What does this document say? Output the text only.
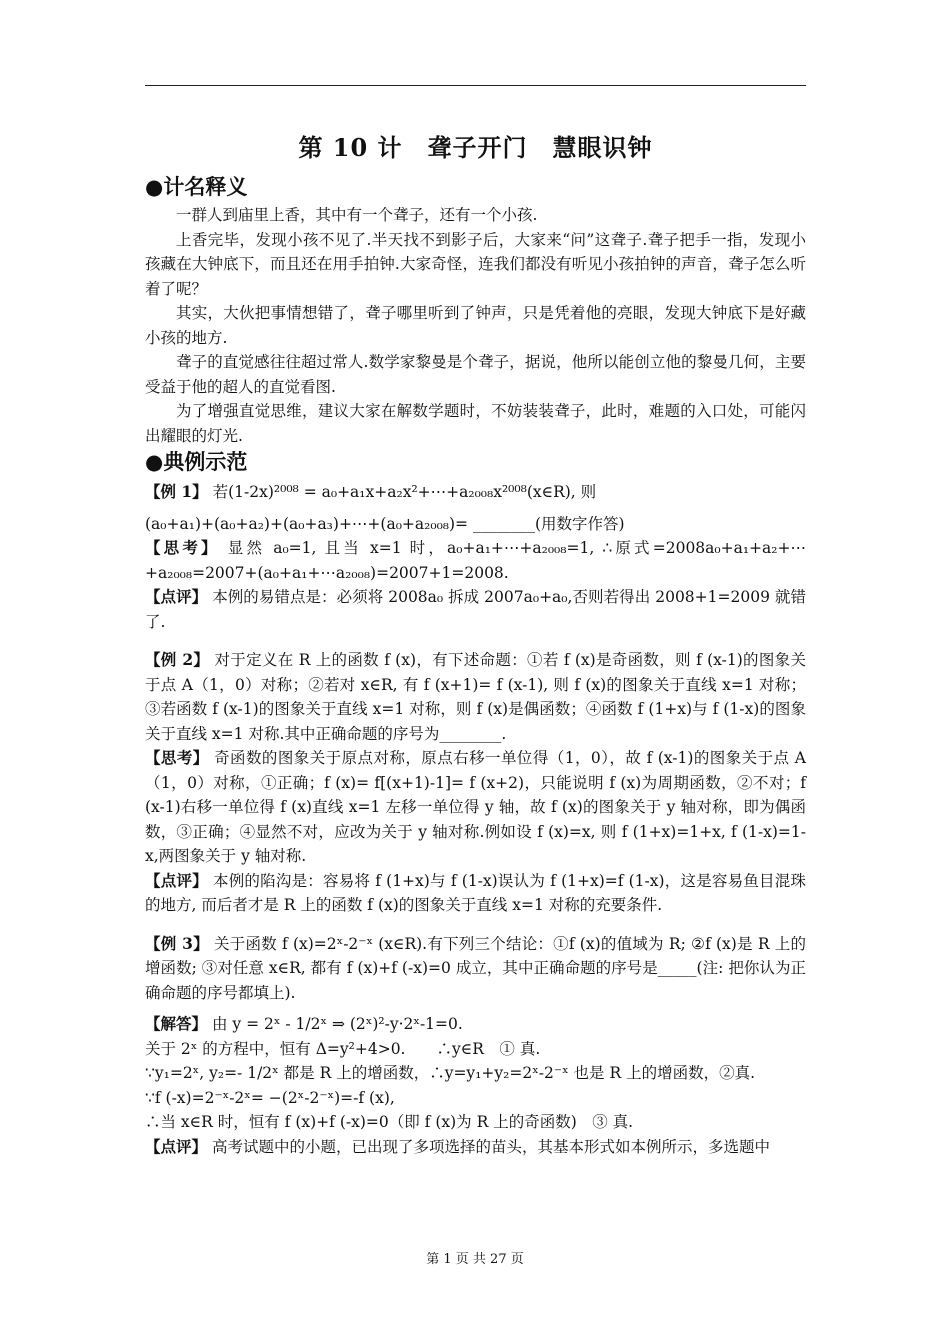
第 10 计　聋子开门　慧眼识钟
●计名释义

一群人到庙里上香，其中有一个聋子，还有一个小孩.

上香完毕，发现小孩不见了.半天找不到影子后，大家来“问”这聋子.聋子把手一指，发现小孩藏在大钟底下，而且还在用手拍钟.大家奇怪，连我们都没有听见小孩拍钟的声音，聋子怎么听着了呢？

其实，大伙把事情想错了，聋子哪里听到了钟声，只是凭着他的亮眼，发现大钟底下是好藏小孩的地方.

聋子的直觉感往往超过常人.数学家黎曼是个聋子，据说，他所以能创立他的黎曼几何，主要受益于他的超人的直觉看图.

为了增强直觉思维，建议大家在解数学题时，不妨装装聋子，此时，难题的入口处，可能闪出耀眼的灯光.

●典例示范

【例 1】 若(1-2x)²⁰⁰⁸ = a₀+a₁x+a₂x²+⋯+a₂₀₀₈x²⁰⁰⁸(x∈R), 则

(a₀+a₁)+(a₀+a₂)+(a₀+a₃)+⋯+(a₀+a₂₀₀₈)= ________(用数字作答)

【思考】 显然 a₀=1, 且当 x=1 时，a₀+a₁+⋯+a₂₀₀₈=1, ∴原式=2008a₀+a₁+a₂+⋯+a₂₀₀₈=2007+(a₀+a₁+⋯a₂₀₀₈)=2007+1=2008.

【点评】 本例的易错点是：必须将 2008a₀ 拆成 2007a₀+a₀,否则若得出 2008+1=2009 就错了.

【例 2】 对于定义在 R 上的函数 f (x)，有下述命题：①若 f (x)是奇函数，则 f (x-1)的图象关于点 A（1，0）对称；②若对 x∈R, 有 f (x+1)= f (x-1), 则 f (x)的图象关于直线 x=1 对称；③若函数 f (x-1)的图象关于直线 x=1 对称，则 f (x)是偶函数；④函数 f (1+x)与 f (1-x)的图象关于直线 x=1 对称.其中正确命题的序号为________.

【思考】 奇函数的图象关于原点对称，原点右移一单位得（1，0），故 f (x-1)的图象关于点 A（1，0）对称，①正确；f (x)= f[(x+1)-1]= f (x+2)，只能说明 f (x)为周期函数，②不对；f (x-1)右移一单位得 f (x)直线 x=1 左移一单位得 y 轴，故 f (x)的图象关于 y 轴对称，即为偶函数，③正确；④显然不对，应改为关于 y 轴对称.例如设 f (x)=x, 则 f (1+x)=1+x, f (1-x)=1-x,两图象关于 y 轴对称.

【点评】 本例的陷沟是：容易将 f (1+x)与 f (1-x)误认为 f (1+x)=f (1-x)，这是容易鱼目混珠的地方, 而后者才是 R 上的函数 f (x)的图象关于直线 x=1 对称的充要条件.

【例 3】 关于函数 f (x)=2ˣ-2⁻ˣ (x∈R).有下列三个结论：①f (x)的值域为 R; ②f (x)是 R 上的增函数; ③对任意 x∈R, 都有 f (x)+f (-x)=0 成立，其中正确命题的序号是_____(注: 把你认为正确命题的序号都填上).

【解答】 由 y = 2ˣ - 1/2ˣ ⇒ (2ˣ)²-y·2ˣ-1=0.

关于 2ˣ 的方程中，恒有 Δ=y²+4>0.　　∴y∈R　① 真.

∵y₁=2ˣ, y₂=- 1/2ˣ 都是 R 上的增函数，∴y=y₁+y₂=2ˣ-2⁻ˣ 也是 R 上的增函数，②真.

∵f (-x)=2⁻ˣ-2ˣ= −(2ˣ-2⁻ˣ)=-f (x),

∴当 x∈R 时，恒有 f (x)+f (-x)=0（即 f (x)为 R 上的奇函数)　③ 真.

【点评】 高考试题中的小题，已出现了多项选择的苗头，其基本形式如本例所示，多选题中

第 1 页 共 27 页
